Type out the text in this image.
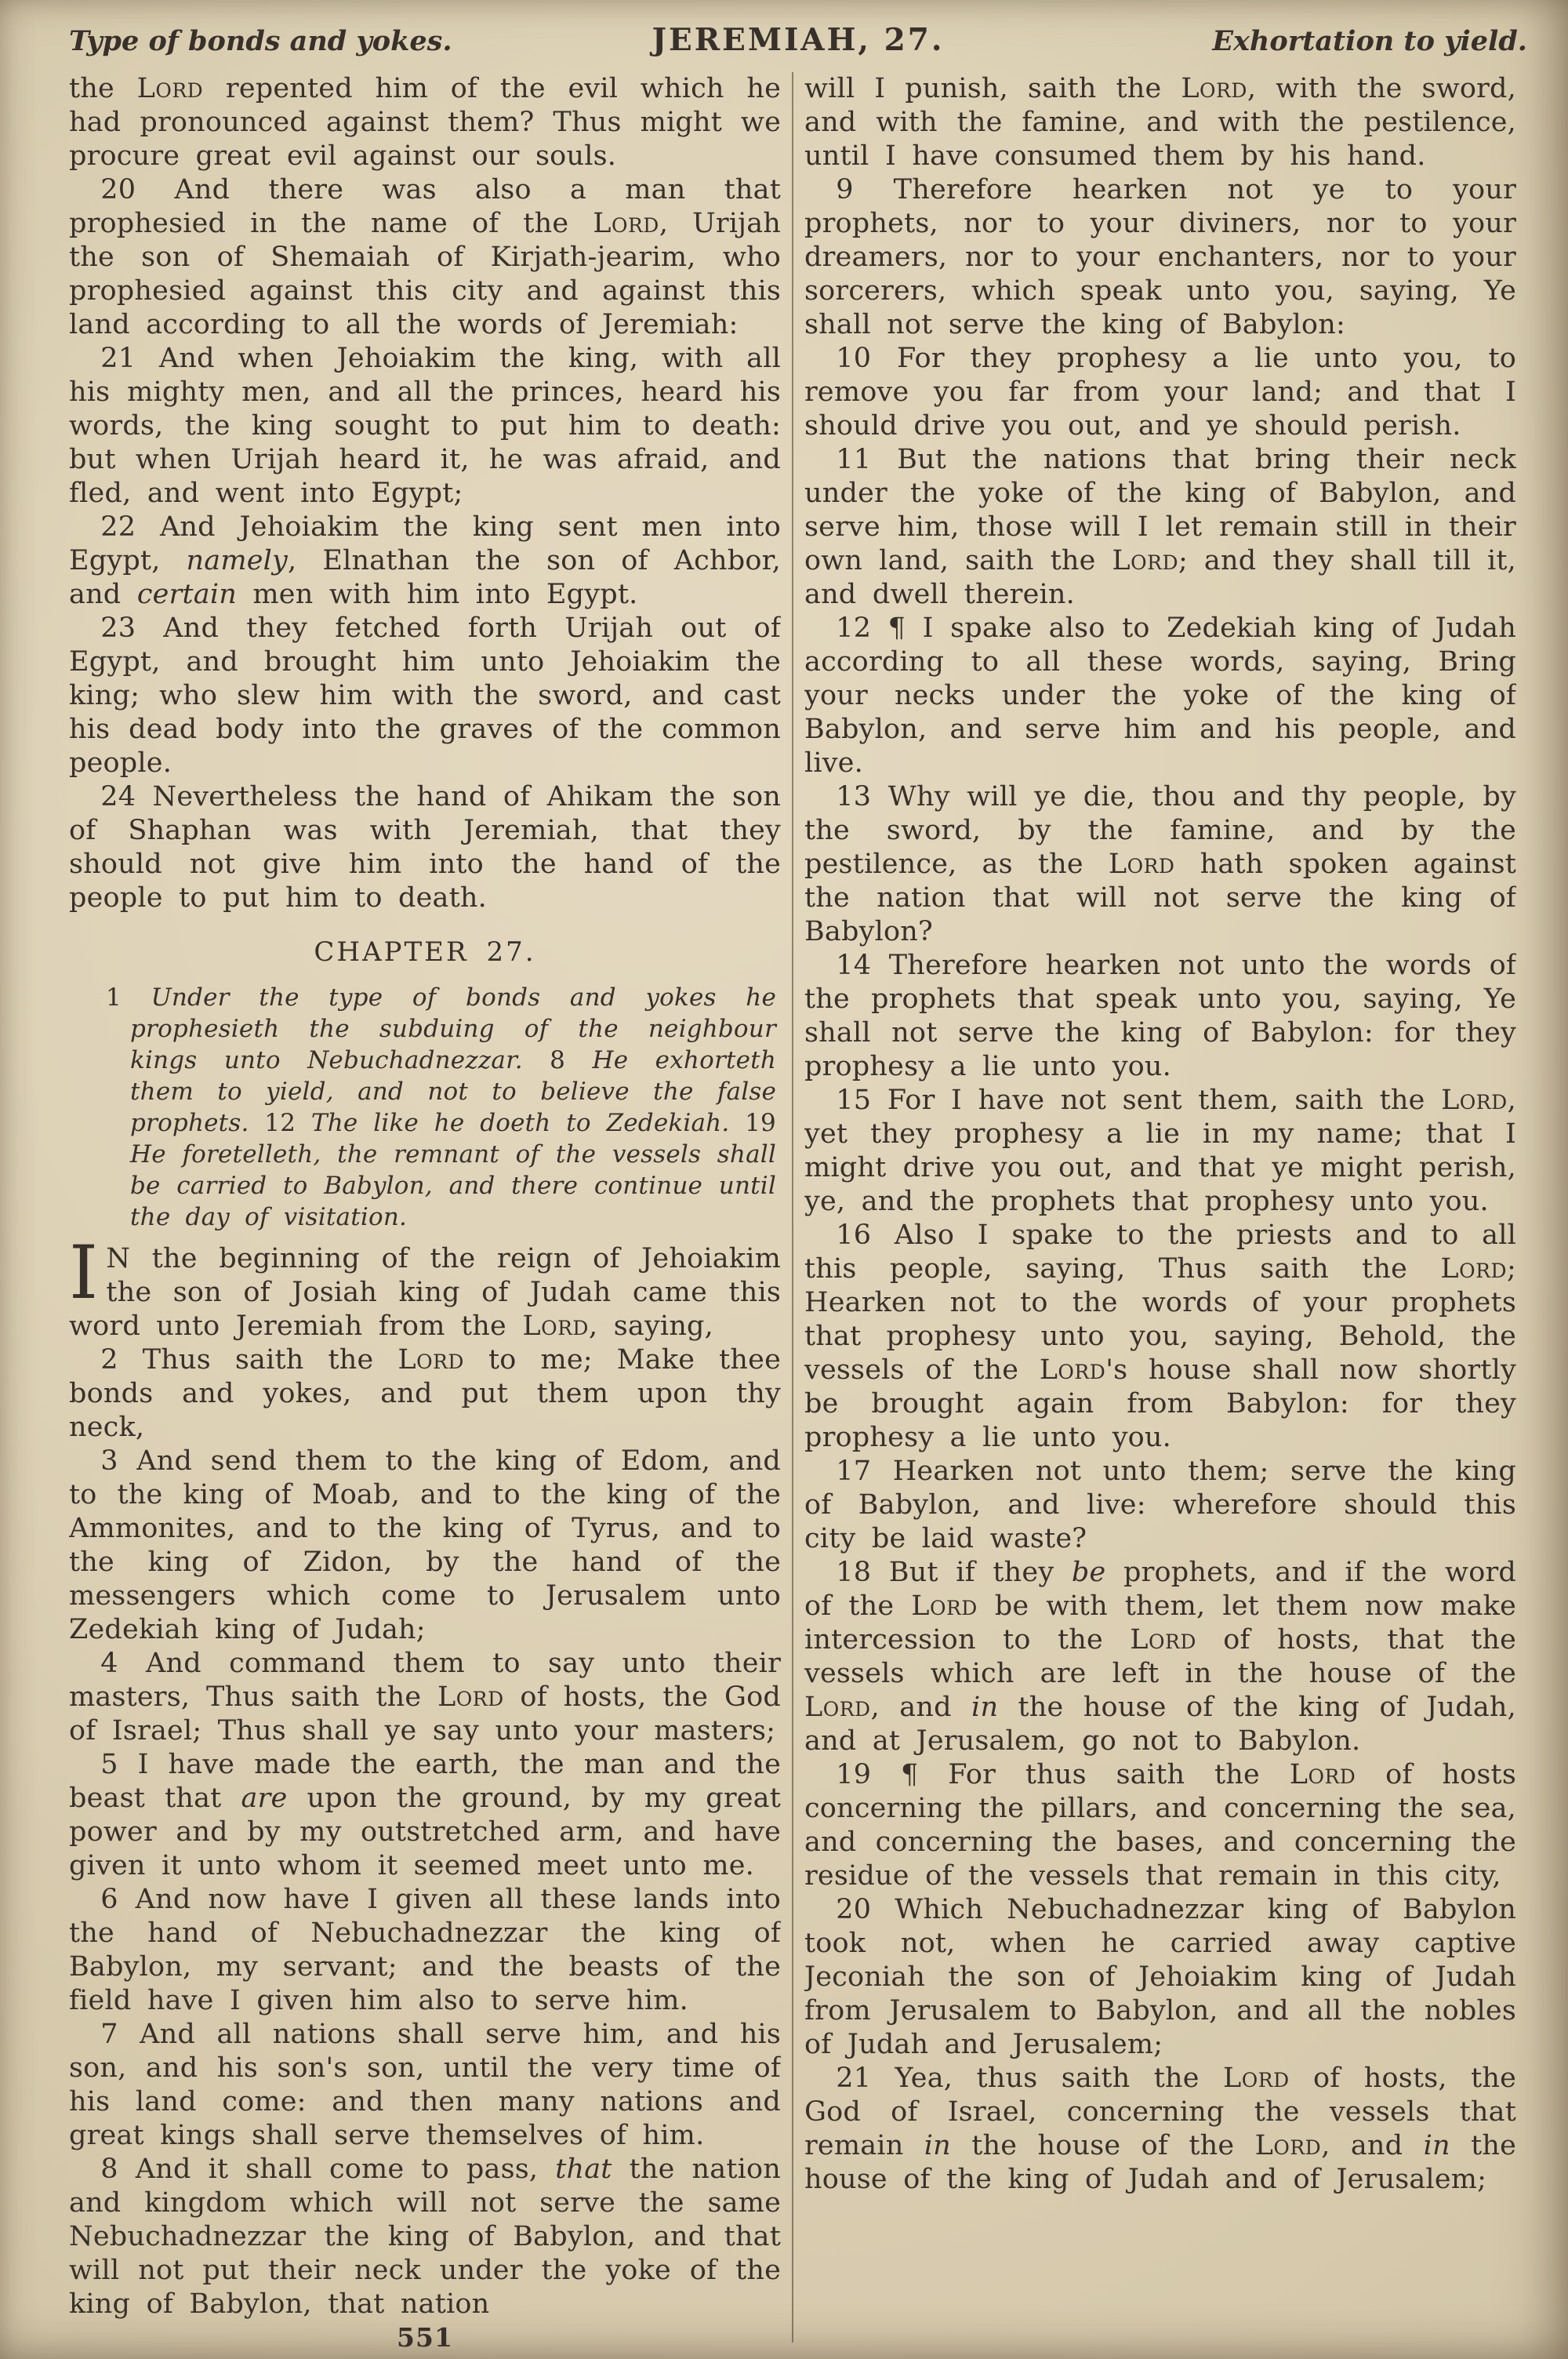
Type of bonds and yokes.	JEREMIAH, 27.	Exhortation to yield.

the Lord repented him of the evil which he had pronounced against them? Thus might we procure great evil against our souls.

20 And there was also a man that prophesied in the name of the Lord, Urijah the son of Shemaiah of Kirjath-jearim, who prophesied against this city and against this land according to all the words of Jeremiah:

21 And when Jehoiakim the king, with all his mighty men, and all the princes, heard his words, the king sought to put him to death: but when Urijah heard it, he was afraid, and fled, and went into Egypt;

22 And Jehoiakim the king sent men into Egypt, namely, Elnathan the son of Achbor, and certain men with him into Egypt.

23 And they fetched forth Urijah out of Egypt, and brought him unto Jehoiakim the king; who slew him with the sword, and cast his dead body into the graves of the common people.

24 Nevertheless the hand of Ahikam the son of Shaphan was with Jeremiah, that they should not give him into the hand of the people to put him to death.

CHAPTER 27.

1 Under the type of bonds and yokes he prophesieth the subduing of the neighbour kings unto Nebuchadnezzar. 8 He exhorteth them to yield, and not to believe the false prophets. 12 The like he doeth to Zedekiah. 19 He foretelleth, the remnant of the vessels shall be carried to Babylon, and there continue until the day of visitation.

I N the beginning of the reign of Jehoiakim the son of Josiah king of Judah came this word unto Jeremiah from the Lord, saying,

2 Thus saith the Lord to me; Make thee bonds and yokes, and put them upon thy neck,

3 And send them to the king of Edom, and to the king of Moab, and to the king of the Ammonites, and to the king of Tyrus, and to the king of Zidon, by the hand of the messengers which come to Jerusalem unto Zedekiah king of Judah;

4 And command them to say unto their masters, Thus saith the Lord of hosts, the God of Israel; Thus shall ye say unto your masters;

5 I have made the earth, the man and the beast that are upon the ground, by my great power and by my outstretched arm, and have given it unto whom it seemed meet unto me.

6 And now have I given all these lands into the hand of Nebuchadnezzar the king of Babylon, my servant; and the beasts of the field have I given him also to serve him.

7 And all nations shall serve him, and his son, and his son's son, until the very time of his land come: and then many nations and great kings shall serve themselves of him.

8 And it shall come to pass, that the nation and kingdom which will not serve the same Nebuchadnezzar the king of Babylon, and that will not put their neck under the yoke of the king of Babylon, that nation

will I punish, saith the Lord, with the sword, and with the famine, and with the pestilence, until I have consumed them by his hand.

9 Therefore hearken not ye to your prophets, nor to your diviners, nor to your dreamers, nor to your enchanters, nor to your sorcerers, which speak unto you, saying, Ye shall not serve the king of Babylon:

10 For they prophesy a lie unto you, to remove you far from your land; and that I should drive you out, and ye should perish.

11 But the nations that bring their neck under the yoke of the king of Babylon, and serve him, those will I let remain still in their own land, saith the Lord; and they shall till it, and dwell therein.

12 ¶ I spake also to Zedekiah king of Judah according to all these words, saying, Bring your necks under the yoke of the king of Babylon, and serve him and his people, and live.

13 Why will ye die, thou and thy people, by the sword, by the famine, and by the pestilence, as the Lord hath spoken against the nation that will not serve the king of Babylon?

14 Therefore hearken not unto the words of the prophets that speak unto you, saying, Ye shall not serve the king of Babylon: for they prophesy a lie unto you.

15 For I have not sent them, saith the Lord, yet they prophesy a lie in my name; that I might drive you out, and that ye might perish, ye, and the prophets that prophesy unto you.

16 Also I spake to the priests and to all this people, saying, Thus saith the Lord; Hearken not to the words of your prophets that prophesy unto you, saying, Behold, the vessels of the Lord's house shall now shortly be brought again from Babylon: for they prophesy a lie unto you.

17 Hearken not unto them; serve the king of Babylon, and live: wherefore should this city be laid waste?

18 But if they be prophets, and if the word of the Lord be with them, let them now make intercession to the Lord of hosts, that the vessels which are left in the house of the Lord, and in the house of the king of Judah, and at Jerusalem, go not to Babylon.

19 ¶ For thus saith the Lord of hosts concerning the pillars, and concerning the sea, and concerning the bases, and concerning the residue of the vessels that remain in this city,

20 Which Nebuchadnezzar king of Babylon took not, when he carried away captive Jeconiah the son of Jehoiakim king of Judah from Jerusalem to Babylon, and all the nobles of Judah and Jerusalem;

21 Yea, thus saith the Lord of hosts, the God of Israel, concerning the vessels that remain in the house of the Lord, and in the house of the king of Judah and of Jerusalem;

551
